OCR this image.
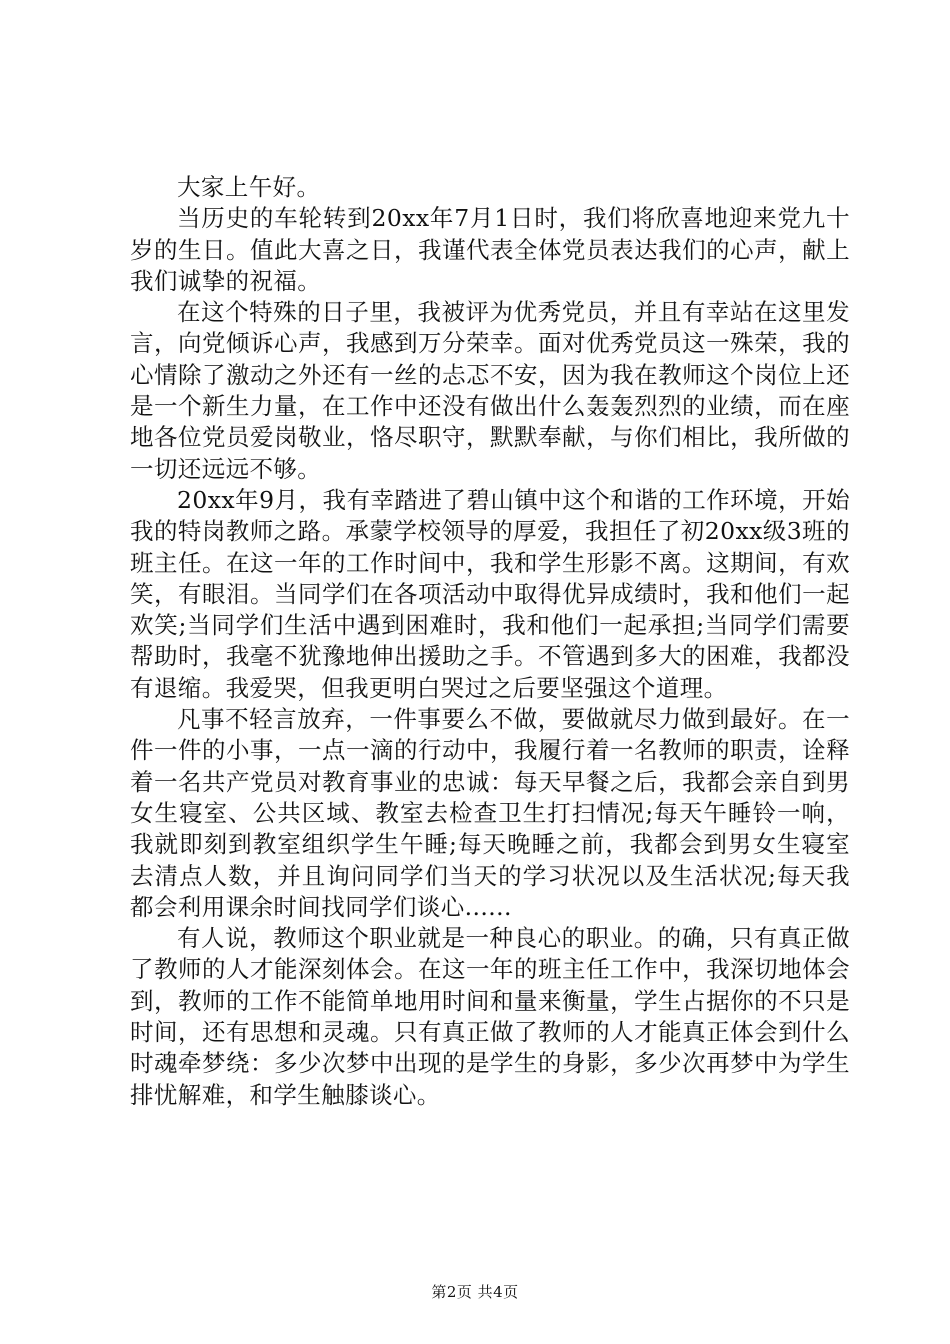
大家上午好。

当历史的车轮转到20xx年7月1日时，我们将欣喜地迎来党九十岁的生日。值此大喜之日，我谨代表全体党员表达我们的心声，献上我们诚挚的祝福。

在这个特殊的日子里，我被评为优秀党员，并且有幸站在这里发言，向党倾诉心声，我感到万分荣幸。面对优秀党员这一殊荣，我的心情除了激动之外还有一丝的忐忑不安，因为我在教师这个岗位上还是一个新生力量，在工作中还没有做出什么轰轰烈烈的业绩，而在座地各位党员爱岗敬业，恪尽职守，默默奉献，与你们相比，我所做的一切还远远不够。

20xx年9月，我有幸踏进了碧山镇中这个和谐的工作环境，开始我的特岗教师之路。承蒙学校领导的厚爱，我担任了初20xx级3班的班主任。在这一年的工作时间中，我和学生形影不离。这期间，有欢笑，有眼泪。当同学们在各项活动中取得优异成绩时，我和他们一起欢笑;当同学们生活中遇到困难时，我和他们一起承担;当同学们需要帮助时，我毫不犹豫地伸出援助之手。不管遇到多大的困难，我都没有退缩。我爱哭，但我更明白哭过之后要坚强这个道理。

凡事不轻言放弃，一件事要么不做，要做就尽力做到最好。在一件一件的小事，一点一滴的行动中，我履行着一名教师的职责，诠释着一名共产党员对教育事业的忠诚：每天早餐之后，我都会亲自到男女生寝室、公共区域、教室去检查卫生打扫情况;每天午睡铃一响，我就即刻到教室组织学生午睡;每天晚睡之前，我都会到男女生寝室去清点人数，并且询问同学们当天的学习状况以及生活状况;每天我都会利用课余时间找同学们谈心......

有人说，教师这个职业就是一种良心的职业。的确，只有真正做了教师的人才能深刻体会。在这一年的班主任工作中，我深切地体会到，教师的工作不能简单地用时间和量来衡量，学生占据你的不只是时间，还有思想和灵魂。只有真正做了教师的人才能真正体会到什么时魂牵梦绕：多少次梦中出现的是学生的身影，多少次再梦中为学生排忧解难，和学生触膝谈心。

第2页 共4页
